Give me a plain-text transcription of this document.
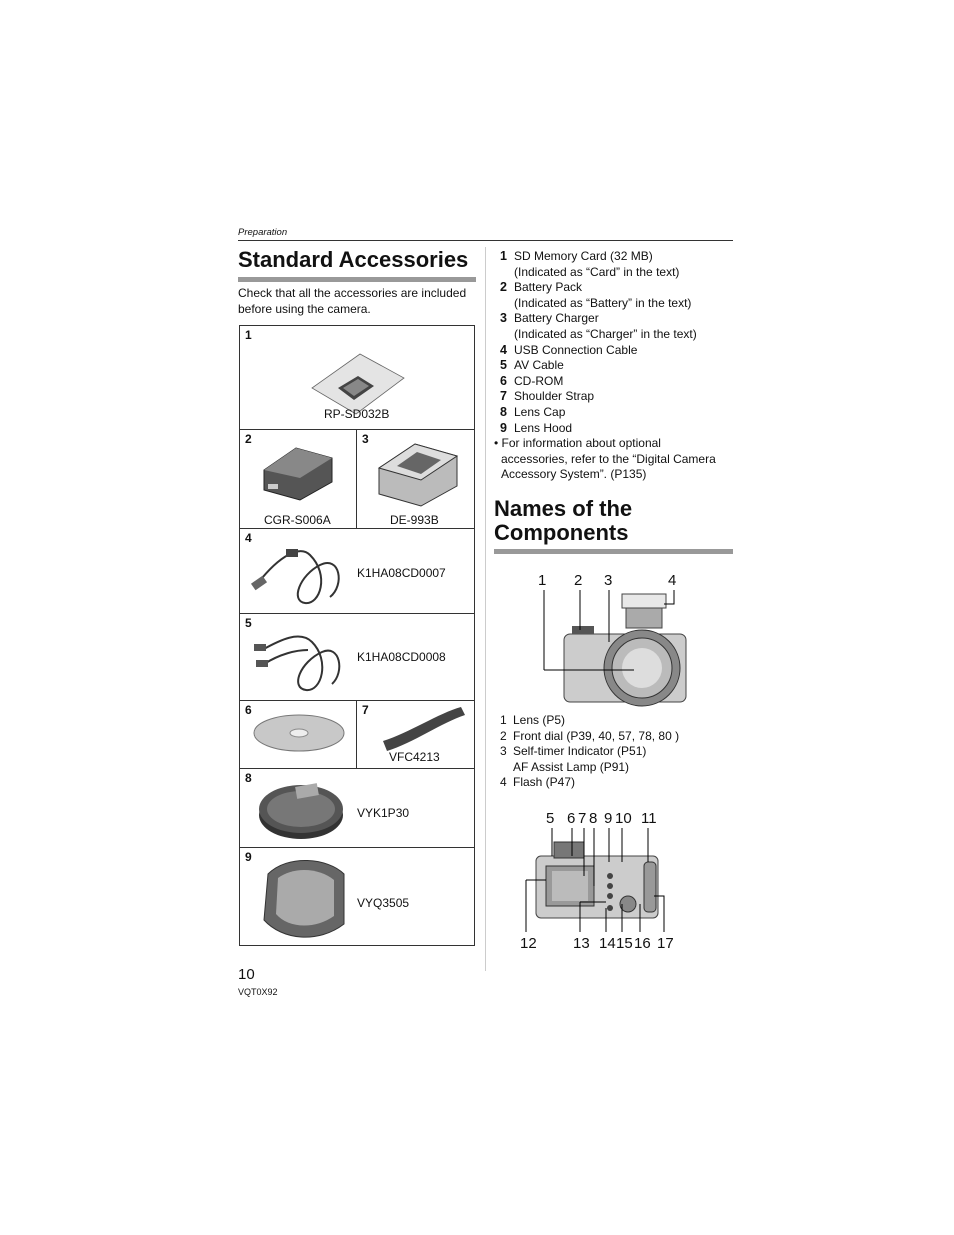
Preparation
Standard Accessories
Check that all the accessories are included before using the camera.
1
RP-SD032B
2
CGR-S006A
3
DE-993B
4
K1HA08CD0007
5
K1HA08CD0008
6	7
VFC4213
8
VYK1P30
9
VYQ3505
1 SD Memory Card (32 MB)
(Indicated as “Card” in the text)
2 Battery Pack
(Indicated as “Battery” in the text)
3 Battery Charger
(Indicated as “Charger” in the text)
4 USB Connection Cable
5 AV Cable
6 CD-ROM
7 Shoulder Strap
8 Lens Cap
9 Lens Hood
• For information about optional
accessories, refer to the “Digital Camera
Accessory System”. (P135)
Names of the
Components
1 2 3	4
1 Lens (P5)
2 Front dial (P39, 40, 57, 78, 80 )
3 Self-timer Indicator (P51)
AF Assist Lamp (P91)
4 Flash (P47)
5 6 7 8 9 10 11
12 13 14 15 16 17
10
VQT0X92
